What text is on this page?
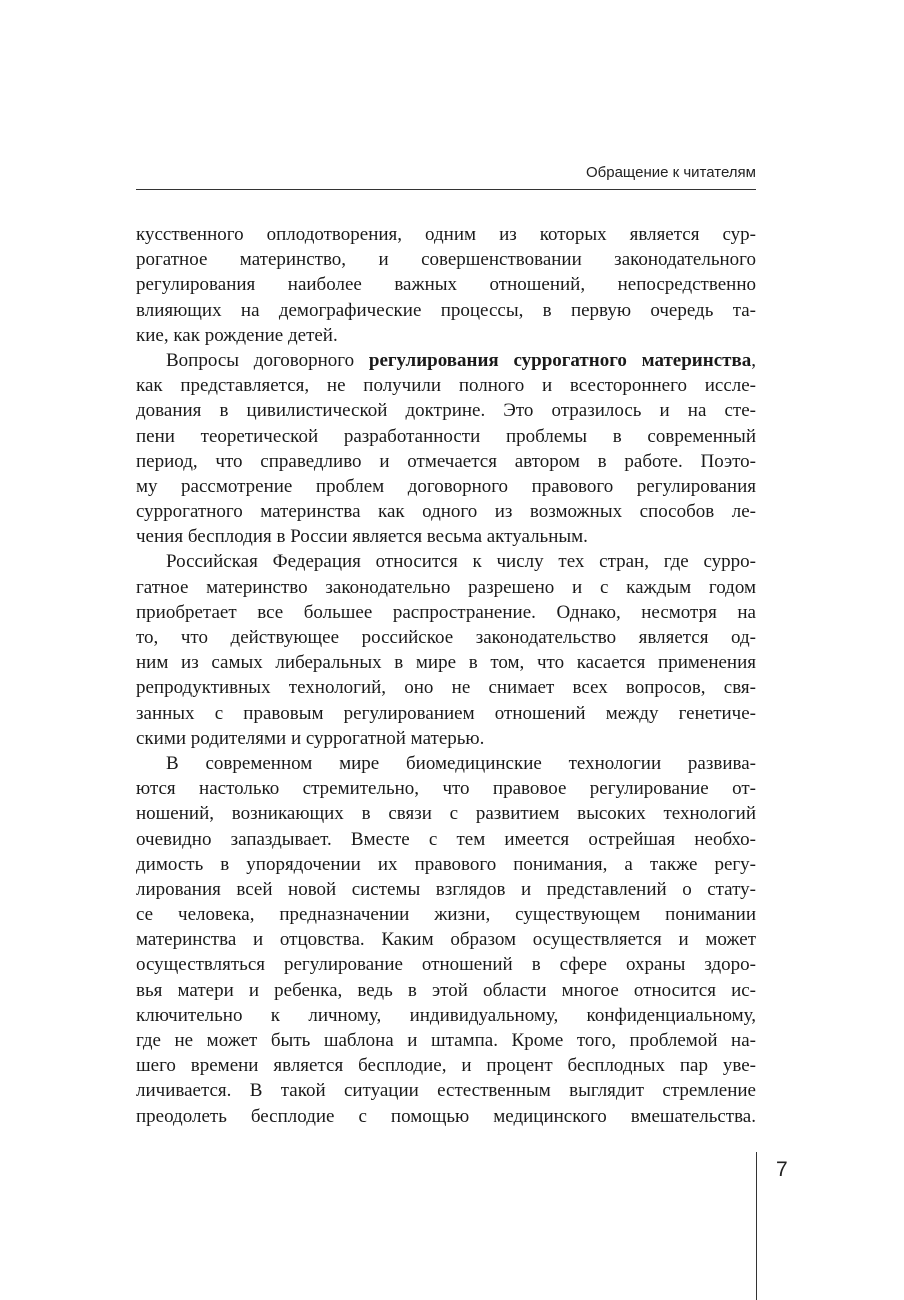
Обращение к читателям
кусственного оплодотворения, одним из которых является сур-
рогатное материнство, и совершенствовании законодательного
регулирования наиболее важных отношений, непосредственно
влияющих на демографические процессы, в первую очередь та-
кие, как рождение детей.
Вопросы договорного регулирования суррогатного материнства,
как представляется, не получили полного и всестороннего иссле-
дования в цивилистической доктрине. Это отразилось и на сте-
пени теоретической разработанности проблемы в современный
период, что справедливо и отмечается автором в работе. Поэто-
му рассмотрение проблем договорного правового регулирования
суррогатного материнства как одного из возможных способов ле-
чения бесплодия в России является весьма актуальным.
Российская Федерация относится к числу тех стран, где сурро-
гатное материнство законодательно разрешено и с каждым годом
приобретает все большее распространение. Однако, несмотря на
то, что действующее российское законодательство является од-
ним из самых либеральных в мире в том, что касается применения
репродуктивных технологий, оно не снимает всех вопросов, свя-
занных с правовым регулированием отношений между генетиче-
скими родителями и суррогатной матерью.
В современном мире биомедицинские технологии развива-
ются настолько стремительно, что правовое регулирование от-
ношений, возникающих в связи с развитием высоких технологий
очевидно запаздывает. Вместе с тем имеется острейшая необхо-
димость в упорядочении их правового понимания, а также регу-
лирования всей новой системы взглядов и представлений о стату-
се человека, предназначении жизни, существующем понимании
материнства и отцовства. Каким образом осуществляется и может
осуществляться регулирование отношений в сфере охраны здоро-
вья матери и ребенка, ведь в этой области многое относится ис-
ключительно к личному, индивидуальному, конфиденциальному,
где не может быть шаблона и штампа. Кроме того, проблемой на-
шего времени является бесплодие, и процент бесплодных пар уве-
личивается. В такой ситуации естественным выглядит стремление
преодолеть бесплодие с помощью медицинского вмешательства.
7
